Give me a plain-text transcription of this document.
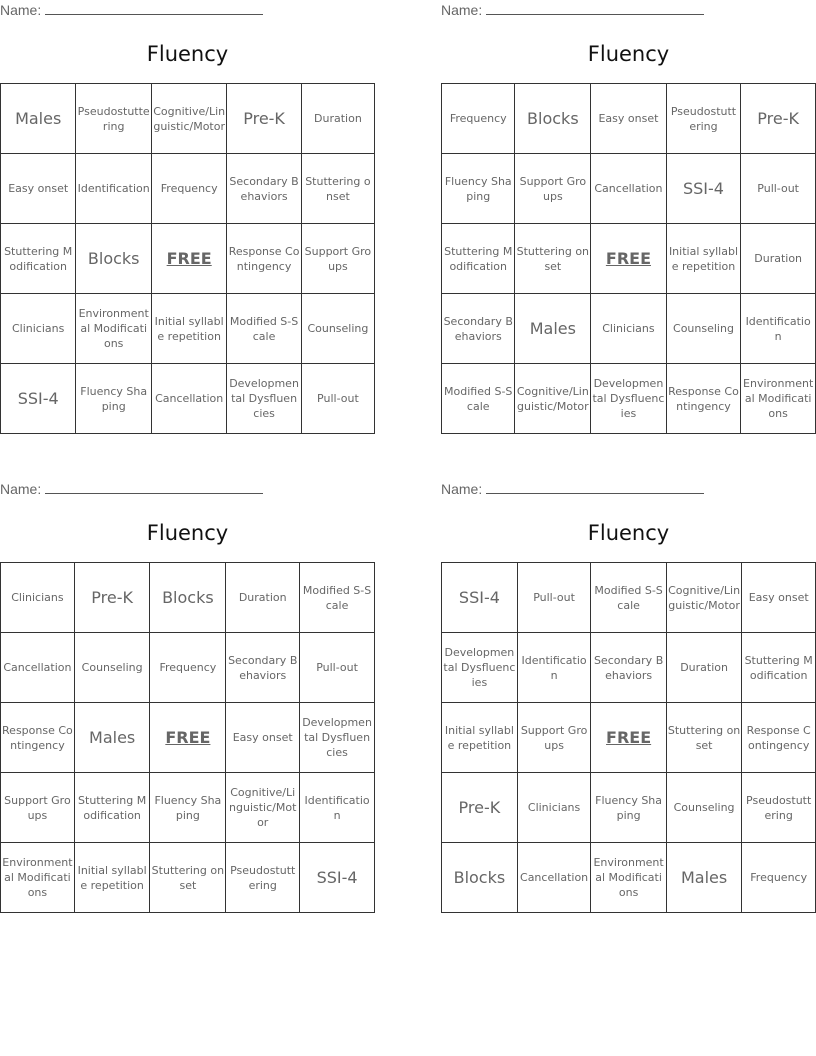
Name:
Fluency
Males	Pseudostuttering	Cognitive/Linguistic/Motor	Pre-K	Duration
Easy onset	Identification	Frequency	Secondary Behaviors	Stuttering onset
Stuttering Modification	Blocks	FREE	Response Contingency	Support Groups
Clinicians	Environmental Modifications	Initial syllable repetition	Modified S-Scale	Counseling
SSI-4	Fluency Shaping	Cancellation	Developmental Dysfluencies	Pull-out
Name:
Fluency
Frequency	Blocks	Easy onset	Pseudostuttering	Pre-K
Fluency Shaping	Support Groups	Cancellation	SSI-4	Pull-out
Stuttering Modification	Stuttering onset	FREE	Initial syllable repetition	Duration
Secondary Behaviors	Males	Clinicians	Counseling	Identification
Modified S-Scale	Cognitive/Linguistic/Motor	Developmental Dysfluencies	Response Contingency	Environmental Modifications
Name:
Fluency
Clinicians	Pre-K	Blocks	Duration	Modified S-Scale
Cancellation	Counseling	Frequency	Secondary Behaviors	Pull-out
Response Contingency	Males	FREE	Easy onset	Developmental Dysfluencies
Support Groups	Stuttering Modification	Fluency Shaping	Cognitive/Linguistic/Motor	Identification
Environmental Modifications	Initial syllable repetition	Stuttering onset	Pseudostuttering	SSI-4
Name:
Fluency
SSI-4	Pull-out	Modified S-Scale	Cognitive/Linguistic/Motor	Easy onset
Developmental Dysfluencies	Identification	Secondary Behaviors	Duration	Stuttering Modification
Initial syllable repetition	Support Groups	FREE	Stuttering onset	Response Contingency
Pre-K	Clinicians	Fluency Shaping	Counseling	Pseudostuttering
Blocks	Cancellation	Environmental Modifications	Males	Frequency
